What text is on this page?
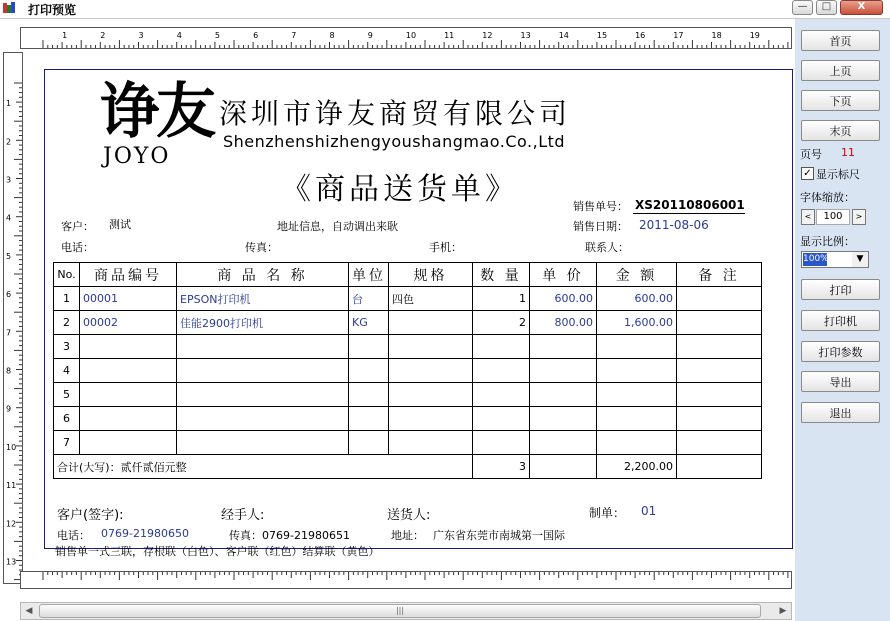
打印预览	—	□	X
1	2	3	4	5	6	7	8	9	10	11	12	13	14	15	16	17	18	19
1
2
3
4
5
6
7
8
9
10
11
12
13
诤友
JOYO
深圳市诤友商贸有限公司
Shenzhenshizhengyoushangmao.Co.,Ltd
《商品送货单》	销售单号： XS20110806001
销售日期： 2011-08-06
客户： 测试	地址信息，自动调出来耿
电话：	传真：	手机：	联系人：
No.	商品编号	商 品 名 称	单位	规格	数 量	单 价	金 额	备 注
1	00001	EPSON打印机	台	四色	1	600.00	600.00	
2	00002	佳能2900打印机	KG		2	800.00	1,600.00	
3								
4								
5								
6								
7								
合计(大写)：贰仟贰佰元整					3		2,200.00	
客户(签字):	经手人:	送货人:	制单： 01
电话： 0769-21980650	传真：0769-21980651	地址： 广东省东莞市南城第一国际
销售单一式三联，存根联（白色）、客户联（红色）结算联（黄色）
◀	|||	▶
首页
上页
下页
末页
页号 11
✓ 显示标尺
字体缩放：
<	100	>
显示比例：
100%	▼
打印
打印机
打印参数
导出
退出
